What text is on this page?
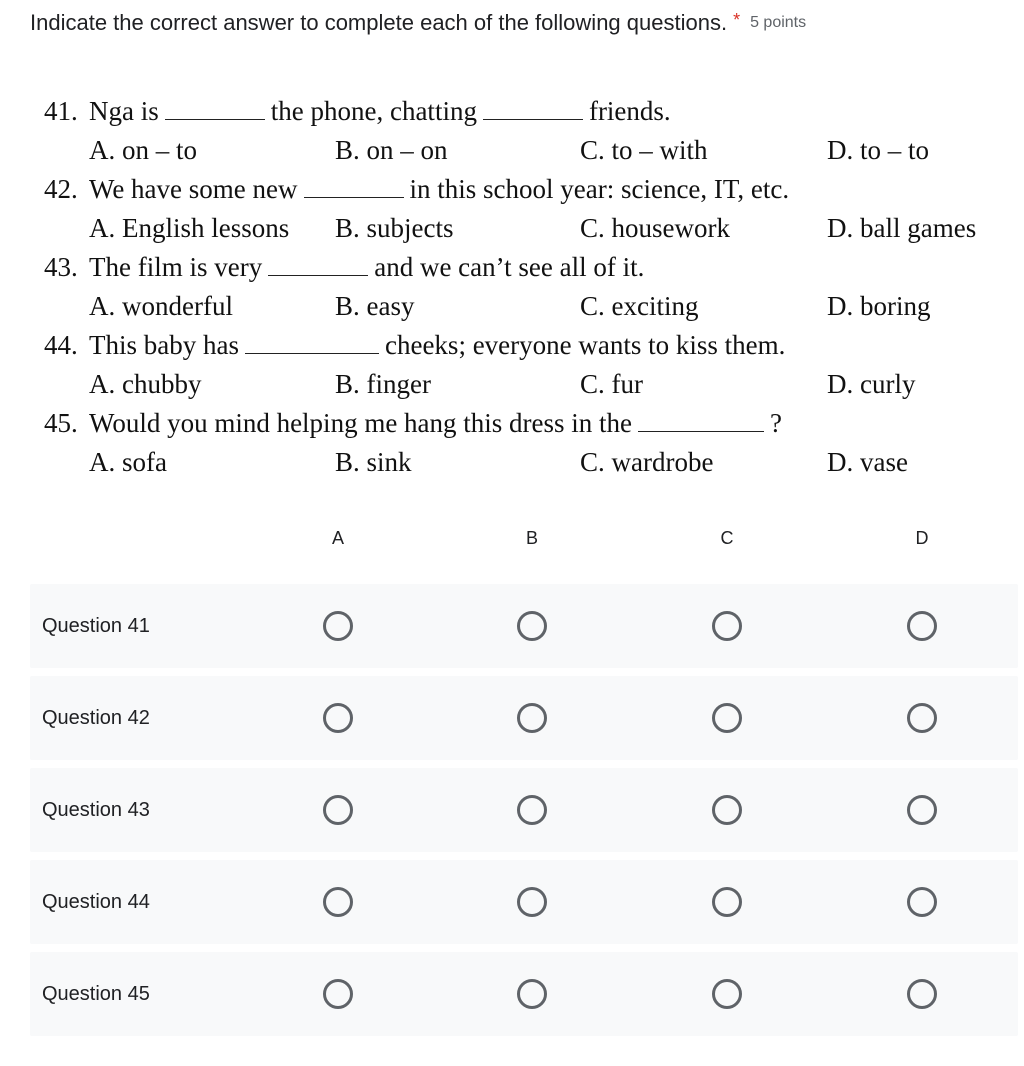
Indicate the correct answer to complete each of the following questions. * 5 points
41. Nga is	the phone, chatting	friends.
A. on – to	B. on – on	C. to – with	D. to – to
42. We have some new	in this school year: science, IT, etc.
A. English lessons B. subjects	C. housework	D. ball games
43. The film is very	and we can’t see all of it.
A. wonderful	B. easy	C. exciting	D. boring
44. This baby has	cheeks; everyone wants to kiss them.
A. chubby	B. finger	C. fur	D. curly
45. Would you mind helping me hang this dress in the	?
A. sofa	B. sink	C. wardrobe	D. vase
A	B	C	D
Question 41
Question 42
Question 43
Question 44
Question 45
